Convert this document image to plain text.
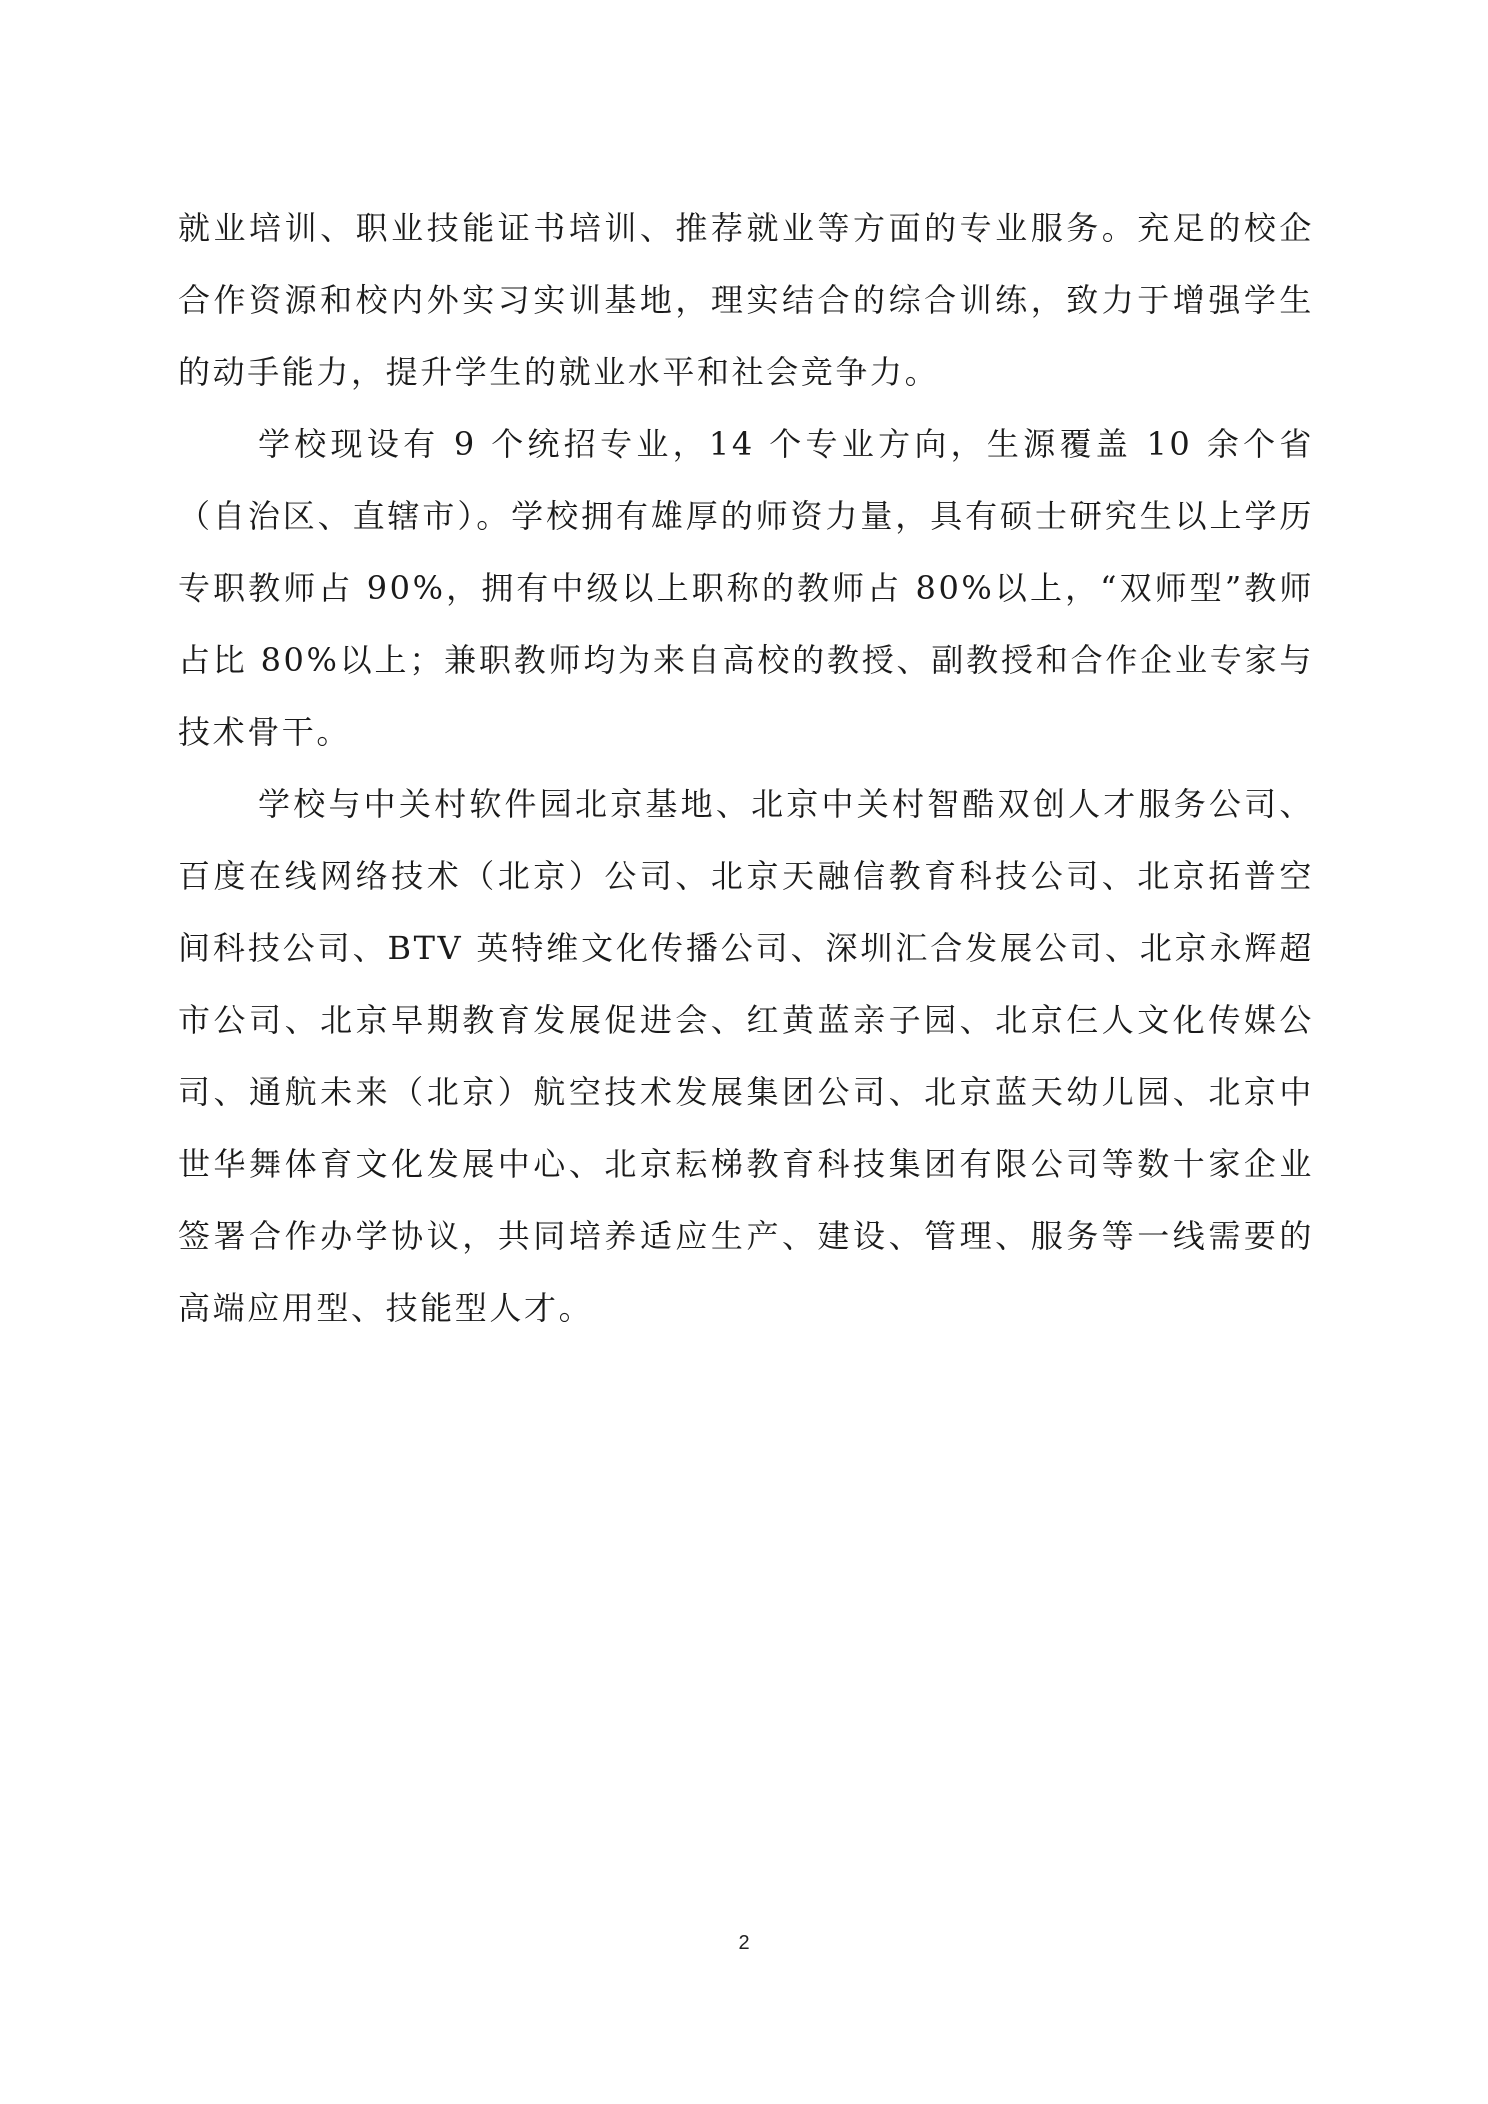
就业培训、职业技能证书培训、推荐就业等方面的专业服务。充足的校企合作资源和校内外实习实训基地，理实结合的综合训练，致力于增强学生的动手能力，提升学生的就业水平和社会竞争力。

学校现设有 9 个统招专业，14 个专业方向，生源覆盖 10 余个省（自治区、直辖市）。学校拥有雄厚的师资力量，具有硕士研究生以上学历专职教师占 90%，拥有中级以上职称的教师占 80%以上，“双师型”教师占比 80%以上；兼职教师均为来自高校的教授、副教授和合作企业专家与技术骨干。

学校与中关村软件园北京基地、北京中关村智酷双创人才服务公司、百度在线网络技术（北京）公司、北京天融信教育科技公司、北京拓普空间科技公司、BTV 英特维文化传播公司、深圳汇合发展公司、北京永辉超市公司、北京早期教育发展促进会、红黄蓝亲子园、北京仨人文化传媒公司、通航未来（北京）航空技术发展集团公司、北京蓝天幼儿园、北京中世华舞体育文化发展中心、北京耘梯教育科技集团有限公司等数十家企业签署合作办学协议，共同培养适应生产、建设、管理、服务等一线需要的高端应用型、技能型人才。

2
